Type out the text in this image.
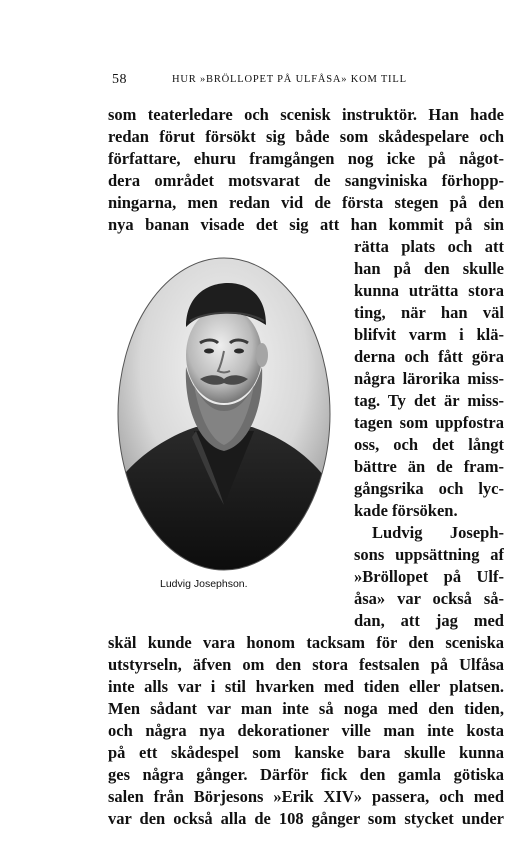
58	HUR »BRÖLLOPET PÅ ULFÅSA» KOM TILL
som teaterledare och scenisk instruktör. Han hade
redan förut försökt sig både som skådespelare och
författare, ehuru framgången nog icke på något-
dera området motsvarat de sangviniska förhopp-
ningarna, men redan vid de första stegen på den
nya banan visade det sig att han kommit på sin
rätta plats och att
han på den skulle
kunna uträtta stora
ting, när han väl
blifvit varm i klä-
derna och fått göra
några lärorika miss-
tag. Ty det är miss-
tagen som uppfostra
oss, och det långt
bättre än de fram-
gångsrika och lyc-
kade försöken.
Ludvig Joseph-
sons uppsättning af
»Bröllopet på Ulf-
åsa» var också så-
dan, att jag med
skäl kunde vara honom tacksam för den sceniska
utstyrseln, äfven om den stora festsalen på Ulfåsa
inte alls var i stil hvarken med tiden eller platsen.
Men sådant var man inte så noga med den tiden,
och några nya dekorationer ville man inte kosta
på ett skådespel som kanske bara skulle kunna
ges några gånger. Därför fick den gamla götiska
salen från Börjesons »Erik XIV» passera, och med
var den också alla de 108 gånger som stycket under
Ludvig Josephson.
